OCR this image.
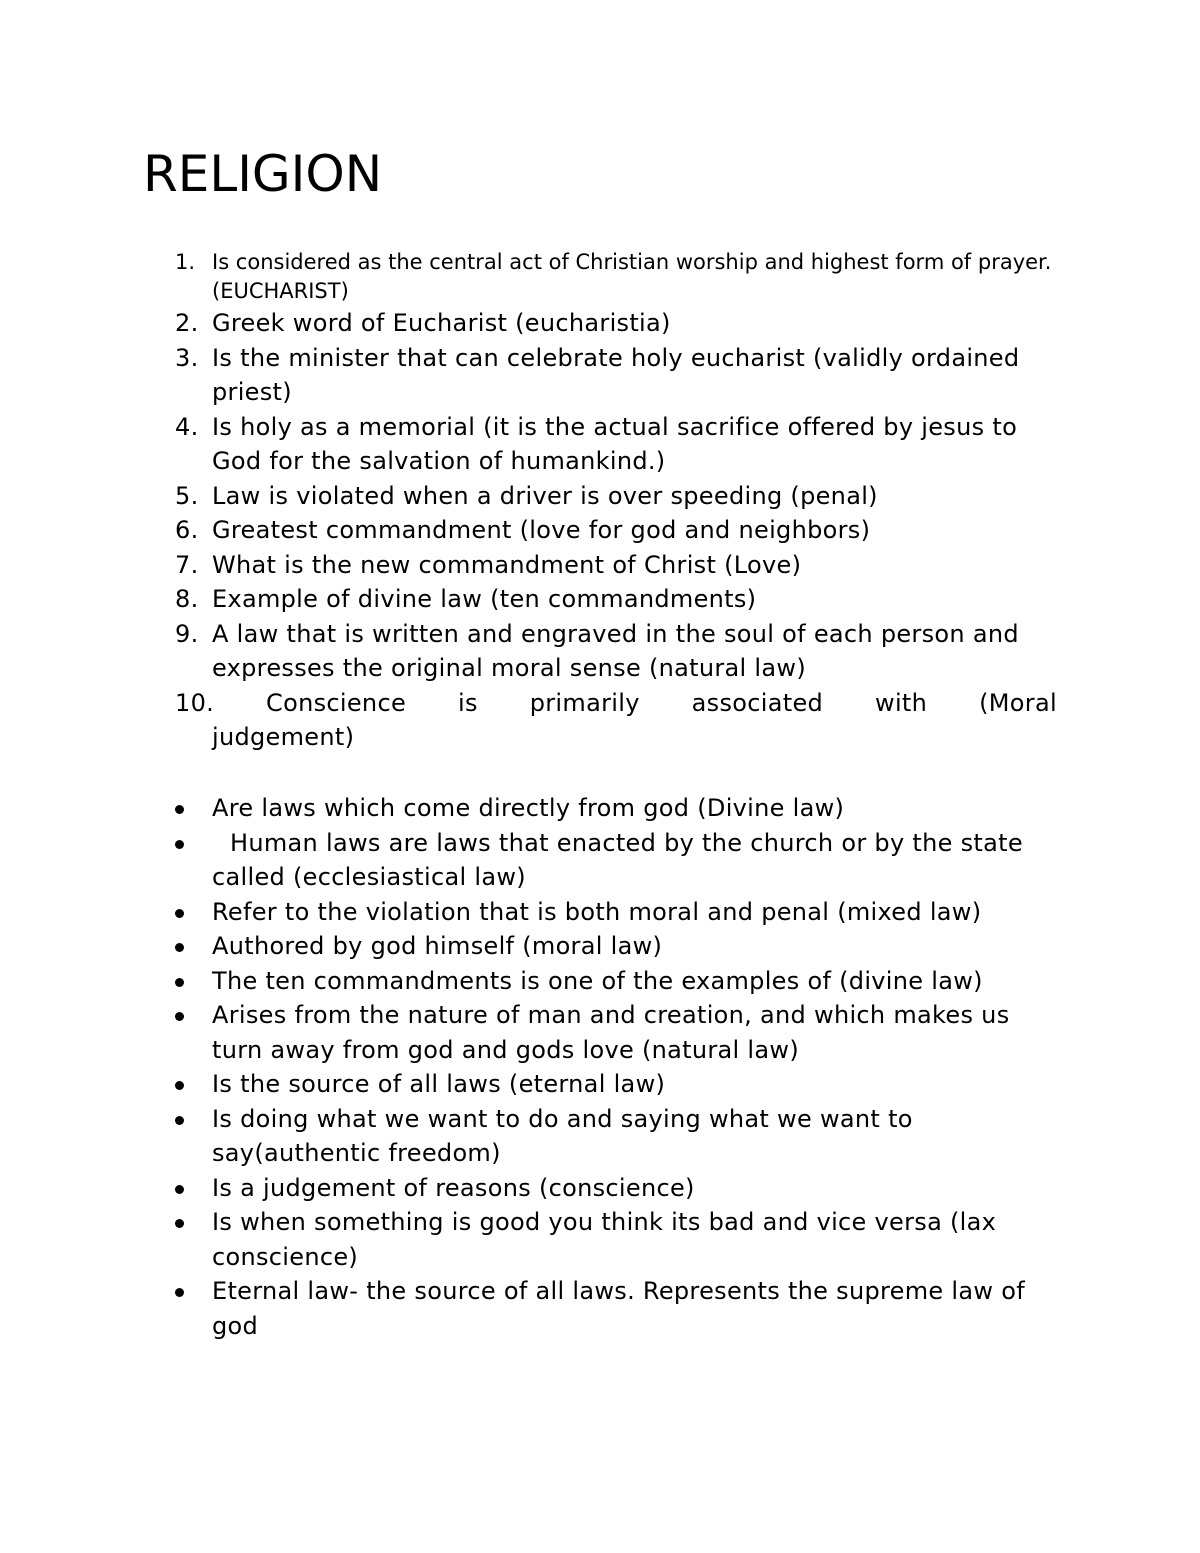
RELIGION
1. Is considered as the central act of Christian worship and highest form of prayer. (EUCHARIST)
2. Greek word of Eucharist (eucharistia)
3. Is the minister that can celebrate holy eucharist (validly ordained priest)
4. Is holy as a memorial (it is the actual sacrifice offered by jesus to God for the salvation of humankind.)
5. Law is violated when a driver is over speeding (penal)
6. Greatest commandment (love for god and neighbors)
7. What is the new commandment of Christ (Love)
8. Example of divine law (ten commandments)
9. A law that is written and engraved in the soul of each person and expresses the original moral sense (natural law)
10. Conscience is primarily associated with (Moral
judgement)
Are laws which come directly from god (Divine law)
Human laws are laws that enacted by the church or by the state called (ecclesiastical law)
Refer to the violation that is both moral and penal (mixed law)
Authored by god himself (moral law)
The ten commandments is one of the examples of (divine law)
Arises from the nature of man and creation, and which makes us turn away from god and gods love (natural law)
Is the source of all laws (eternal law)
Is doing what we want to do and saying what we want to say(authentic freedom)
Is a judgement of reasons (conscience)
Is when something is good you think its bad and vice versa (lax conscience)
Eternal law- the source of all laws. Represents the supreme law of god
